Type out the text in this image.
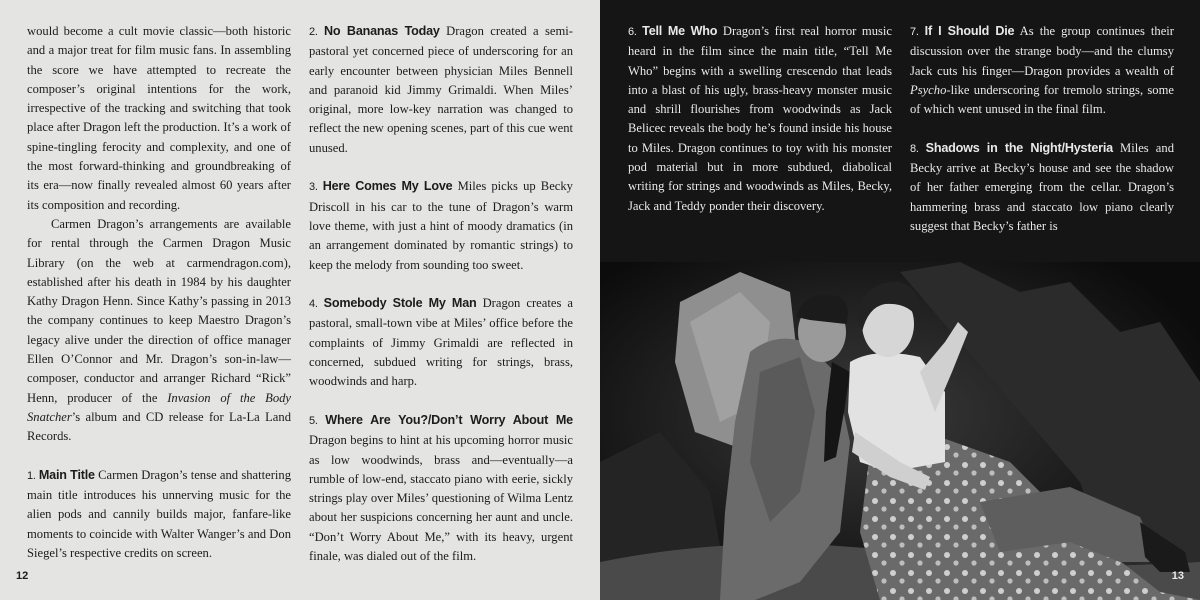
would become a cult movie classic—both historic and a major treat for film music fans. In assembling the score we have attempted to recreate the composer’s original intentions for the work, irrespective of the tracking and switching that took place after Dragon left the production. It’s a work of spine-tingling ferocity and complexity, and one of the most forward-thinking and groundbreaking of its era—now finally revealed almost 60 years after its composition and recording.

Carmen Dragon’s arrangements are available for rental through the Carmen Dragon Music Library (on the web at carmendragon.com), established after his death in 1984 by his daughter Kathy Dragon Henn. Since Kathy’s passing in 2013 the company continues to keep Maestro Dragon’s legacy alive under the direction of office manager Ellen O’Connor and Mr. Dragon’s son-in-law—composer, conductor and arranger Richard “Rick” Henn, producer of the Invasion of the Body Snatcher’s album and CD release for La-La Land Records.

1. Main Title Carmen Dragon’s tense and shattering main title introduces his unnerving music for the alien pods and cannily builds major, fanfare-like moments to coincide with Walter Wanger’s and Don Siegel’s respective credits on screen.

2. No Bananas Today Dragon created a semi-pastoral yet concerned piece of underscoring for an early encounter between physician Miles Bennell and paranoid kid Jimmy Grimaldi. When Miles’ original, more low-key narration was changed to reflect the new opening scenes, part of this cue went unused.

3. Here Comes My Love Miles picks up Becky Driscoll in his car to the tune of Dragon’s warm love theme, with just a hint of moody dramatics (in an arrangement dominated by romantic strings) to keep the melody from sounding too sweet.

4. Somebody Stole My Man Dragon creates a pastoral, small-town vibe at Miles’ office before the complaints of Jimmy Grimaldi are reflected in concerned, subdued writing for strings, brass, woodwinds and harp.

5. Where Are You?/Don’t Worry About Me Dragon begins to hint at his upcoming horror music as low woodwinds, brass and—eventually—a rumble of low-end, staccato piano with eerie, sickly strings play over Miles’ questioning of Wilma Lentz about her suspicions concerning her aunt and uncle. “Don’t Worry About Me,” with its heavy, urgent finale, was dialed out of the film.

12

6. Tell Me Who Dragon’s first real horror music heard in the film since the main title, “Tell Me Who” begins with a swelling crescendo that leads into a blast of his ugly, brass-heavy monster music and shrill flourishes from woodwinds as Jack Belicec reveals the body he’s found inside his house to Miles. Dragon continues to toy with his monster pod material but in more subdued, diabolical writing for strings and woodwinds as Miles, Becky, Jack and Teddy ponder their discovery.

7. If I Should Die As the group continues their discussion over the strange body—and the clumsy Jack cuts his finger—Dragon provides a wealth of Psycho-like underscoring for tremolo strings, some of which went unused in the final film.

8. Shadows in the Night/Hysteria Miles and Becky arrive at Becky’s house and see the shadow of her father emerging from the cellar. Dragon’s hammering brass and staccato low piano clearly suggest that Becky’s father is

13
